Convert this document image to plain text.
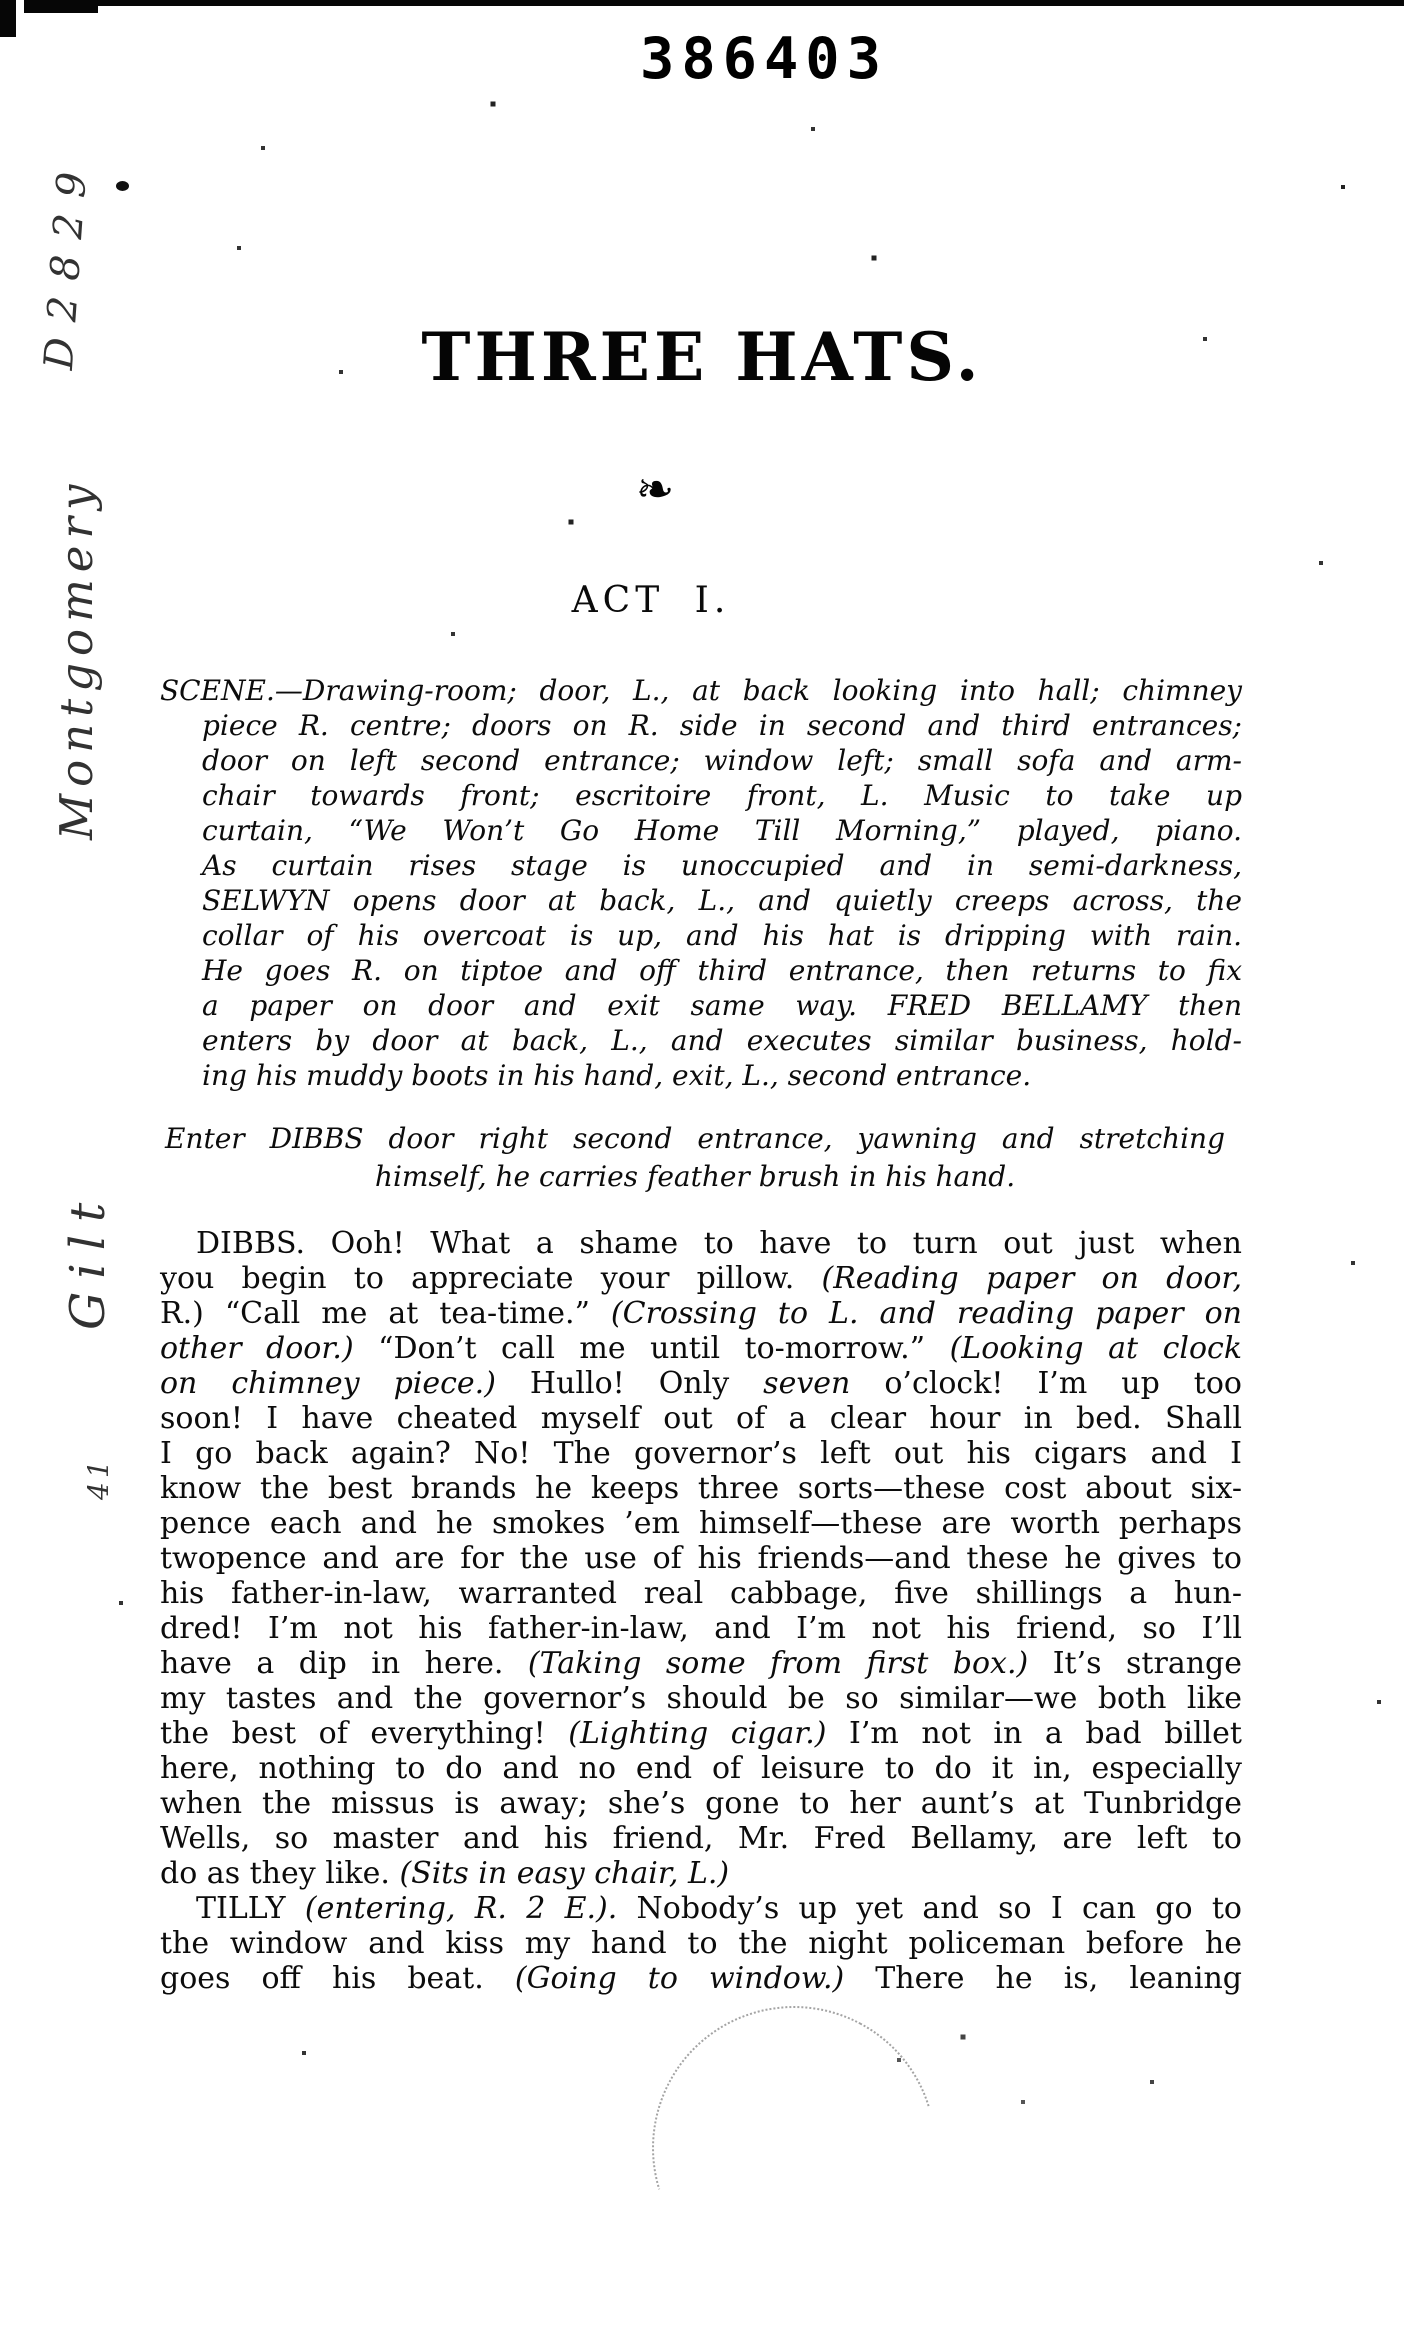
386403
D2829
Montgomery
Gilt
41
THREE HATS.
❧
ACT I.
SCENE.—Drawing-room; door, L., at back looking into hall; chimney
piece R. centre; doors on R. side in second and third entrances;
door on left second entrance; window left; small sofa and arm-
chair towards front; escritoire front, L. Music to take up
curtain, “We Won’t Go Home Till Morning,” played, piano.
As curtain rises stage is unoccupied and in semi-darkness,
SELWYN opens door at back, L., and quietly creeps across, the
collar of his overcoat is up, and his hat is dripping with rain.
He goes R. on tiptoe and off third entrance, then returns to fix
a paper on door and exit same way. FRED BELLAMY then
enters by door at back, L., and executes similar business, hold-
ing his muddy boots in his hand, exit, L., second entrance.
Enter DIBBS door right second entrance, yawning and stretching
himself, he carries feather brush in his hand.
DIBBS. Ooh! What a shame to have to turn out just when
you begin to appreciate your pillow. (Reading paper on door,
R.) “Call me at tea-time.” (Crossing to L. and reading paper on
other door.) “Don’t call me until to-morrow.” (Looking at clock
on chimney piece.) Hullo! Only seven o’clock! I’m up too
soon! I have cheated myself out of a clear hour in bed. Shall
I go back again? No! The governor’s left out his cigars and I
know the best brands he keeps three sorts—these cost about six-
pence each and he smokes ’em himself—these are worth perhaps
twopence and are for the use of his friends—and these he gives to
his father-in-law, warranted real cabbage, five shillings a hun-
dred! I’m not his father-in-law, and I’m not his friend, so I’ll
have a dip in here. (Taking some from first box.) It’s strange
my tastes and the governor’s should be so similar—we both like
the best of everything! (Lighting cigar.) I’m not in a bad billet
here, nothing to do and no end of leisure to do it in, especially
when the missus is away; she’s gone to her aunt’s at Tunbridge
Wells, so master and his friend, Mr. Fred Bellamy, are left to
do as they like. (Sits in easy chair, L.)
TILLY (entering, R. 2 E.). Nobody’s up yet and so I can go to
the window and kiss my hand to the night policeman before he
goes off his beat. (Going to window.) There he is, leaning
